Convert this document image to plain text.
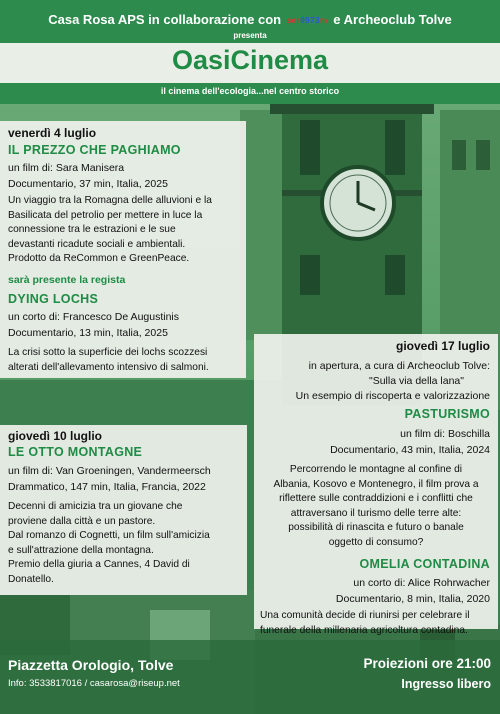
Casa Rosa APS in collaborazione con ser9973m e Archeoclub Tolve
presenta
OasiCinema
il cinema dell'ecologia...nel centro storico
venerdì 4 luglio
IL PREZZO CHE PAGHIAMO
un film di: Sara Manisera
Documentario, 37 min, Italia, 2025
Un viaggio tra la Romagna delle alluvioni e la
Basilicata del petrolio per mettere in luce la
connessione tra le estrazioni e le sue
devastanti ricadute sociali e ambientali.
Prodotto da ReCommon e GreenPeace.
sarà presente la regista
DYING LOCHS
un corto di: Francesco De Augustinis
Documentario, 13 min, Italia, 2025
La crisi sotto la superficie dei lochs scozzesi
alterati dell'allevamento intensivo di salmoni.
giovedì 10 luglio
LE OTTO MONTAGNE
un film di: Van Groeningen, Vandermeersch
Drammatico, 147 min, Italia, Francia, 2022
Decenni di amicizia tra un giovane che
proviene dalla città e un pastore.
Dal romanzo di Cognetti, un film sull'amicizia
e sull'attrazione della montagna.
Premio della giuria a Cannes, 4 David di
Donatello.
giovedì 17 luglio
in apertura, a cura di Archeoclub Tolve:
"Sulla via della lana"
Un esempio di riscoperta e valorizzazione
PASTURISMO
un film di: Boschilla
Documentario, 43 min, Italia, 2024
Percorrendo le montagne al confine di
Albania, Kosovo e Montenegro, il film prova a
riflettere sulle contraddizioni e i conflitti che
attraversano il turismo delle terre alte:
possibilità di rinascita e futuro o banale
oggetto di consumo?
OMELIA CONTADINA
un corto di: Alice Rohrwacher
Documentario, 8 min, Italia, 2020
Una comunità decide di riunirsi per celebrare il
funerale della millenaria agricoltura contadina.
Piazzetta Orologio, Tolve
Info: 3533817016 / casarosa@riseup.net
Proiezioni ore 21:00
Ingresso libero
